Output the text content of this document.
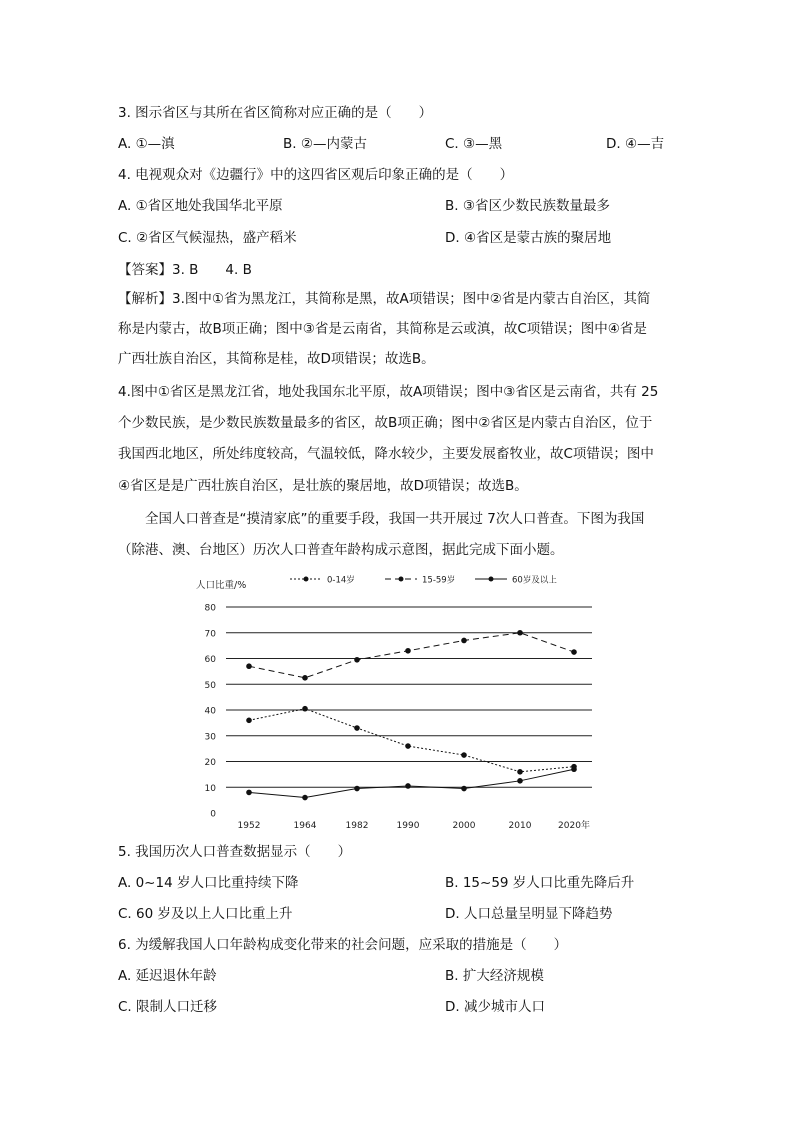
3. 图示省区与其所在省区简称对应正确的是（　　）
A. ①—滇	B. ②—内蒙古	C. ③—黑	D. ④—吉
4. 电视观众对《边疆行》中的这四省区观后印象正确的是（　　）
A. ①省区地处我国华北平原	B. ③省区少数民族数量最多
C. ②省区气候湿热，盛产稻米	D. ④省区是蒙古族的聚居地
【答案】3. B　　4. B
【解析】3.图中①省为黑龙江，其简称是黑，故A项错误；图中②省是内蒙古自治区，其简
称是内蒙古，故B项正确；图中③省是云南省，其简称是云或滇，故C项错误；图中④省是
广西壮族自治区，其简称是桂，故D项错误；故选B。
4.图中①省区是黑龙江省，地处我国东北平原，故A项错误；图中③省区是云南省，共有 25
个少数民族，是少数民族数量最多的省区，故B项正确；图中②省区是内蒙古自治区，位于
我国西北地区，所处纬度较高，气温较低，降水较少，主要发展畜牧业，故C项错误；图中
④省区是是广西壮族自治区，是壮族的聚居地，故D项错误；故选B。
　　全国人口普查是“摸清家底”的重要手段，我国一共开展过 7次人口普查。下图为我国
（除港、澳、台地区）历次人口普查年龄构成示意图，据此完成下面小题。
0
10
20
30
40
50
60
70
80
1952	1964	1982	1990	2000	2010	2020年
人口比重/%	0-14岁	15-59岁	60岁及以上
5. 我国历次人口普查数据显示（　　）
A. 0~14 岁人口比重持续下降	B. 15~59 岁人口比重先降后升
C. 60 岁及以上人口比重上升	D. 人口总量呈明显下降趋势
6. 为缓解我国人口年龄构成变化带来的社会问题，应采取的措施是（　　）
A. 延迟退休年龄	B. 扩大经济规模
C. 限制人口迁移	D. 减少城市人口
